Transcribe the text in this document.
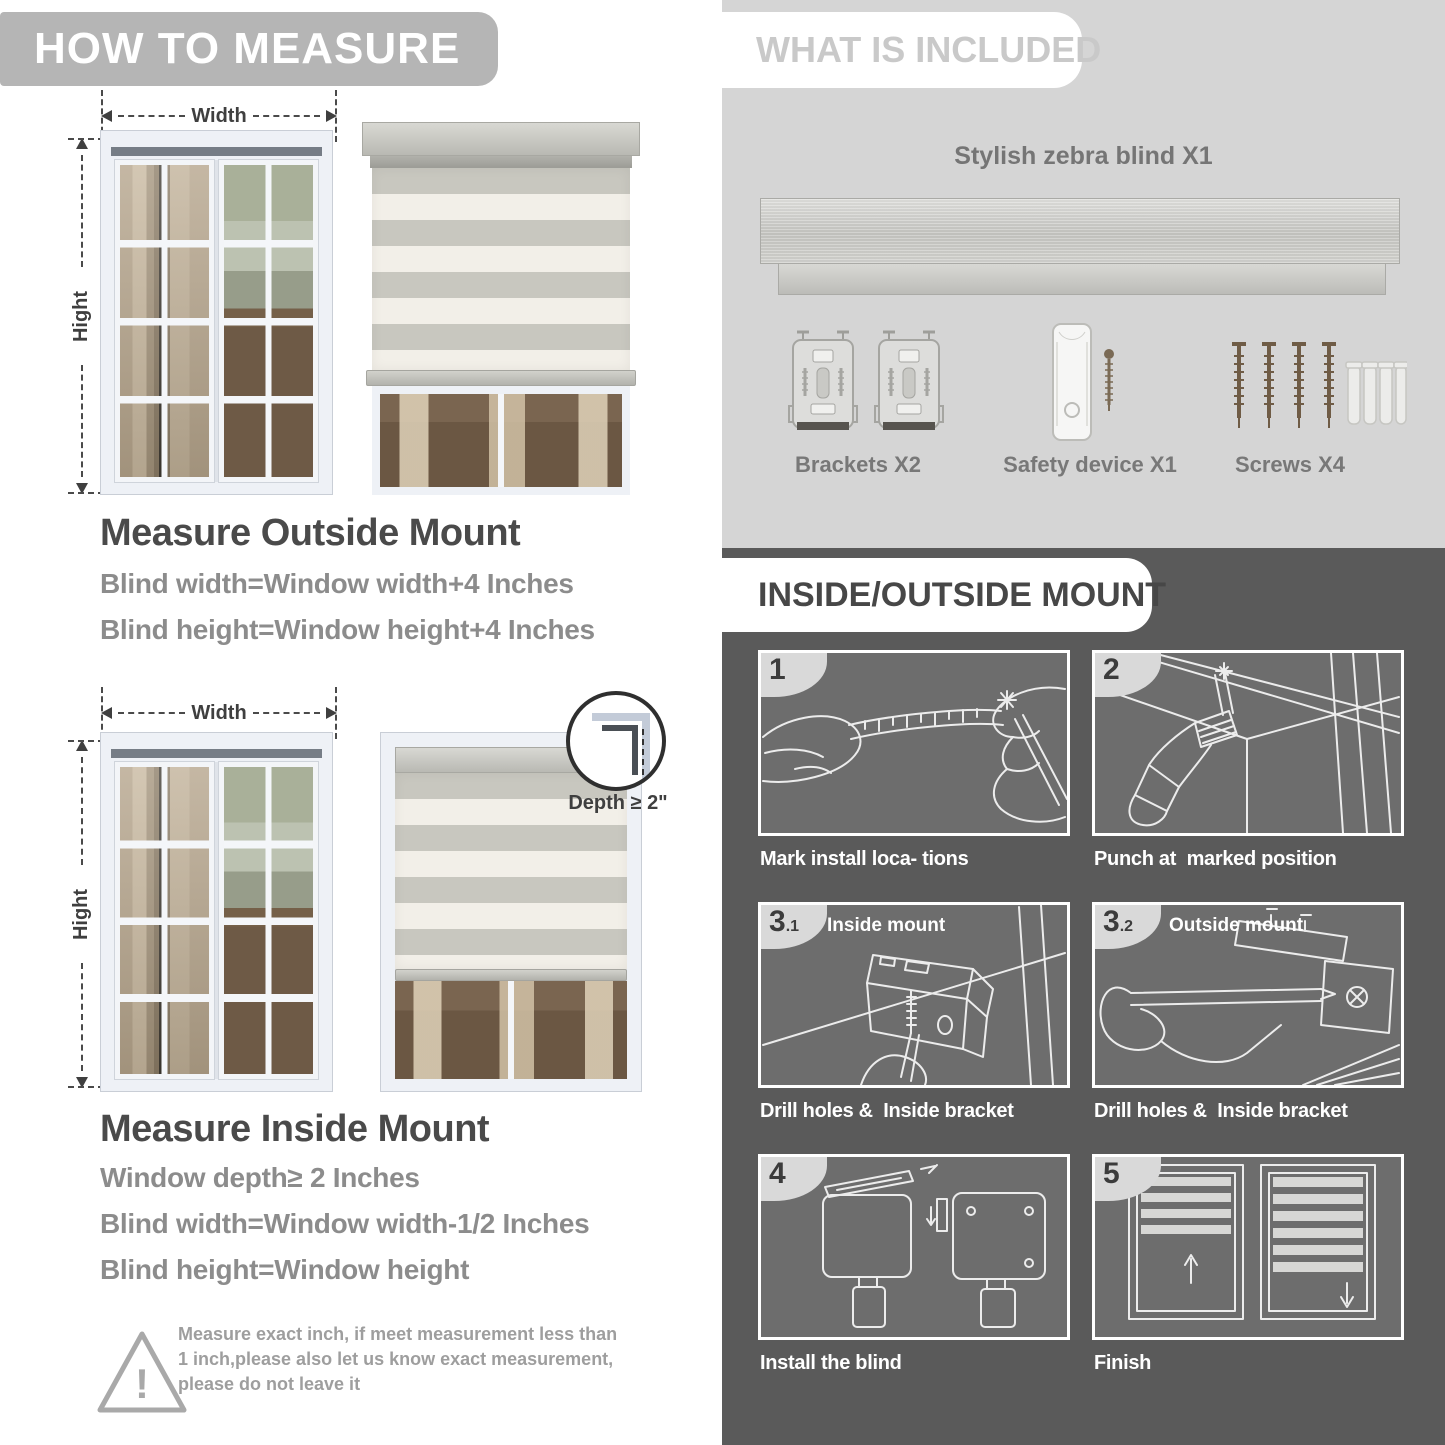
HOW TO MEASURE
Width
Hight
Measure Outside Mount
Blind width=Window width+4 Inches
Blind height=Window height+4 Inches
Width
Hight
Depth ≥ 2"
Measure Inside Mount
Window depth≥ 2 Inches
Blind width=Window width-1/2 Inches
Blind height=Window height
!
Measure exact inch, if meet measurement less than 1 inch,please also let us know exact measurement, please do not leave it
WHAT IS INCLUDED
Stylish zebra blind X1
Brackets X2	Safety device X1	Screws X4
INSIDE/OUTSIDE MOUNT
1
Mark install loca- tions
2
Punch at  marked position
3 .1 Inside mount
Drill holes &  Inside bracket
3 .2 Outside mount
Drill holes &  Inside bracket
4
Install the blind
5
Finish
